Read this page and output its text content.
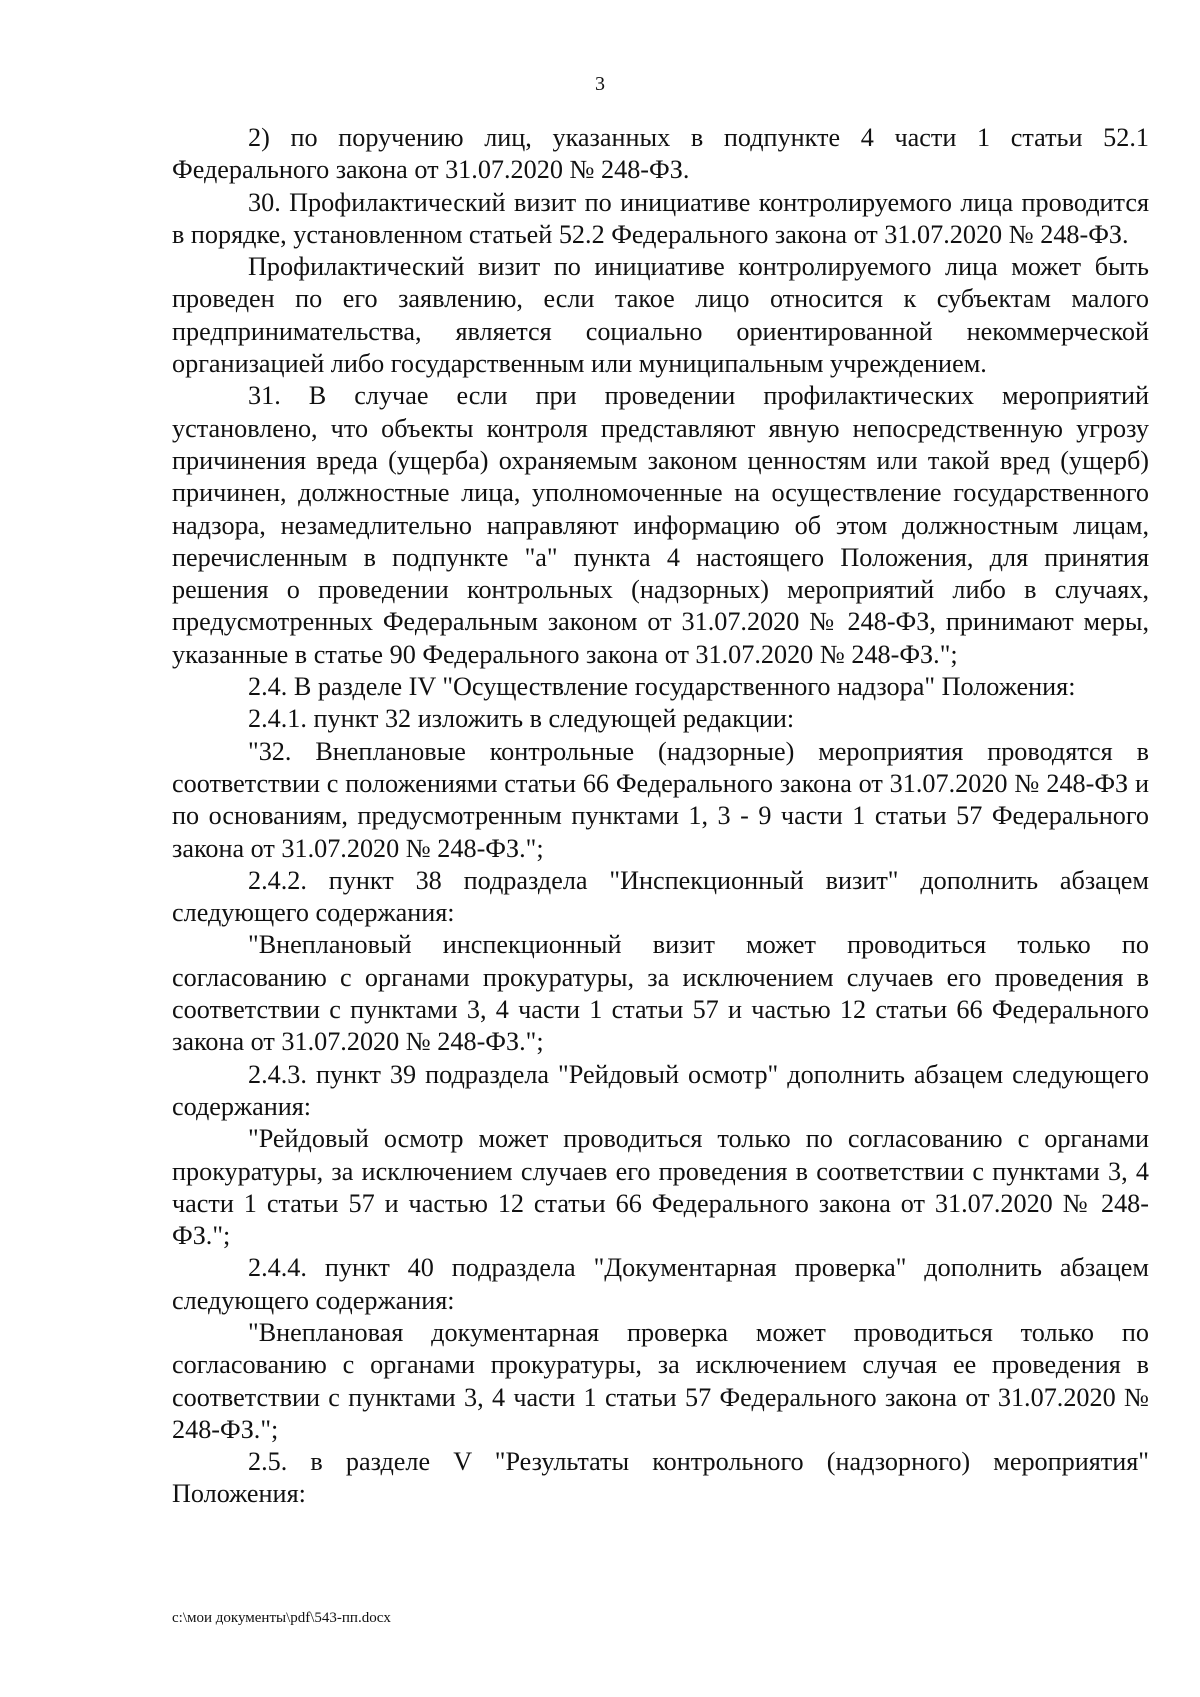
3

2) по поручению лиц, указанных в подпункте 4 части 1 статьи 52.1 Федерального закона от 31.07.2020 № 248-ФЗ.

30. Профилактический визит по инициативе контролируемого лица проводится в порядке, установленном статьей 52.2 Федерального закона от 31.07.2020 № 248-ФЗ.

Профилактический визит по инициативе контролируемого лица может быть проведен по его заявлению, если такое лицо относится к субъектам малого предпринимательства, является социально ориентированной некоммерческой организацией либо государственным или муниципальным учреждением.

31. В случае если при проведении профилактических мероприятий установлено, что объекты контроля представляют явную непосредственную угрозу причинения вреда (ущерба) охраняемым законом ценностям или такой вред (ущерб) причинен, должностные лица, уполномоченные на осуществление государственного надзора, незамедлительно направляют информацию об этом должностным лицам, перечисленным в подпункте "а" пункта 4 настоящего Положения, для принятия решения о проведении контрольных (надзорных) мероприятий либо в случаях, предусмотренных Федеральным законом от 31.07.2020 № 248-ФЗ, принимают меры, указанные в статье 90 Федерального закона от 31.07.2020 № 248-ФЗ.";

2.4. В разделе IV "Осуществление государственного надзора" Положения:

2.4.1. пункт 32 изложить в следующей редакции:

"32. Внеплановые контрольные (надзорные) мероприятия проводятся в соответствии с положениями статьи 66 Федерального закона от 31.07.2020 № 248-ФЗ и по основаниям, предусмотренным пунктами 1, 3 - 9 части 1 статьи 57 Федерального закона от 31.07.2020 № 248-ФЗ.";

2.4.2. пункт 38 подраздела "Инспекционный визит" дополнить абзацем следующего содержания:

"Внеплановый инспекционный визит может проводиться только по согласованию с органами прокуратуры, за исключением случаев его проведения в соответствии с пунктами 3, 4 части 1 статьи 57 и частью 12 статьи 66 Федерального закона от 31.07.2020 № 248-ФЗ.";

2.4.3. пункт 39 подраздела "Рейдовый осмотр" дополнить абзацем следующего содержания:

"Рейдовый осмотр может проводиться только по согласованию с органами прокуратуры, за исключением случаев его проведения в соответствии с пунктами 3, 4 части 1 статьи 57 и частью 12 статьи 66 Федерального закона от 31.07.2020 № 248-ФЗ.";

2.4.4. пункт 40 подраздела "Документарная проверка" дополнить абзацем следующего содержания:

"Внеплановая документарная проверка может проводиться только по согласованию с органами прокуратуры, за исключением случая ее проведения в соответствии с пунктами 3, 4 части 1 статьи 57 Федерального закона от 31.07.2020 № 248-ФЗ.";

2.5. в разделе V "Результаты контрольного (надзорного) мероприятия" Положения:

c:\мои документы\pdf\543-пп.docx
